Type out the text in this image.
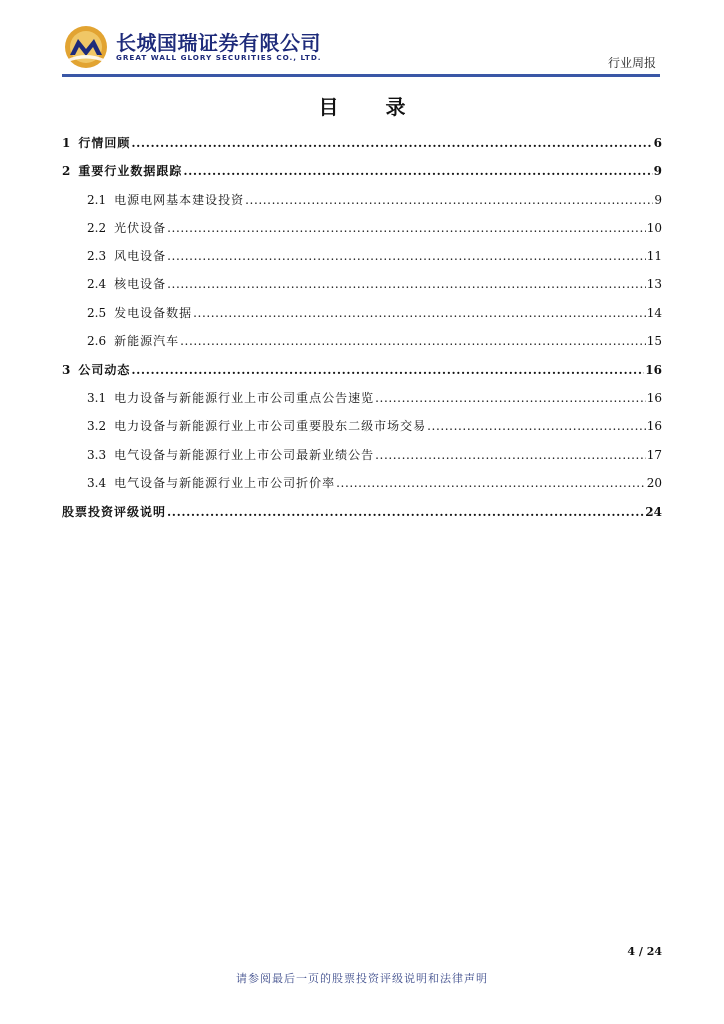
长城国瑞证券有限公司
GREAT WALL GLORY SECURITIES CO., LTD.	行业周报
目 录
1 行情回顾 .....	6
2 重要行业数据跟踪 .....	9
2.1 电源电网基本建设投资 .....	9
2.2 光伏设备 .....	10
2.3 风电设备 .....	11
2.4 核电设备 .....	13
2.5 发电设备数据 .....	14
2.6 新能源汽车 .....	15
3 公司动态 .....	16
3.1 电力设备与新能源行业上市公司重点公告速览 .....	16
3.2 电力设备与新能源行业上市公司重要股东二级市场交易 .....	16
3.3 电气设备与新能源行业上市公司最新业绩公告 .....	17
3.4 电气设备与新能源行业上市公司折价率 .....	20
股票投资评级说明 .....	24
4 / 24
请参阅最后一页的股票投资评级说明和法律声明
